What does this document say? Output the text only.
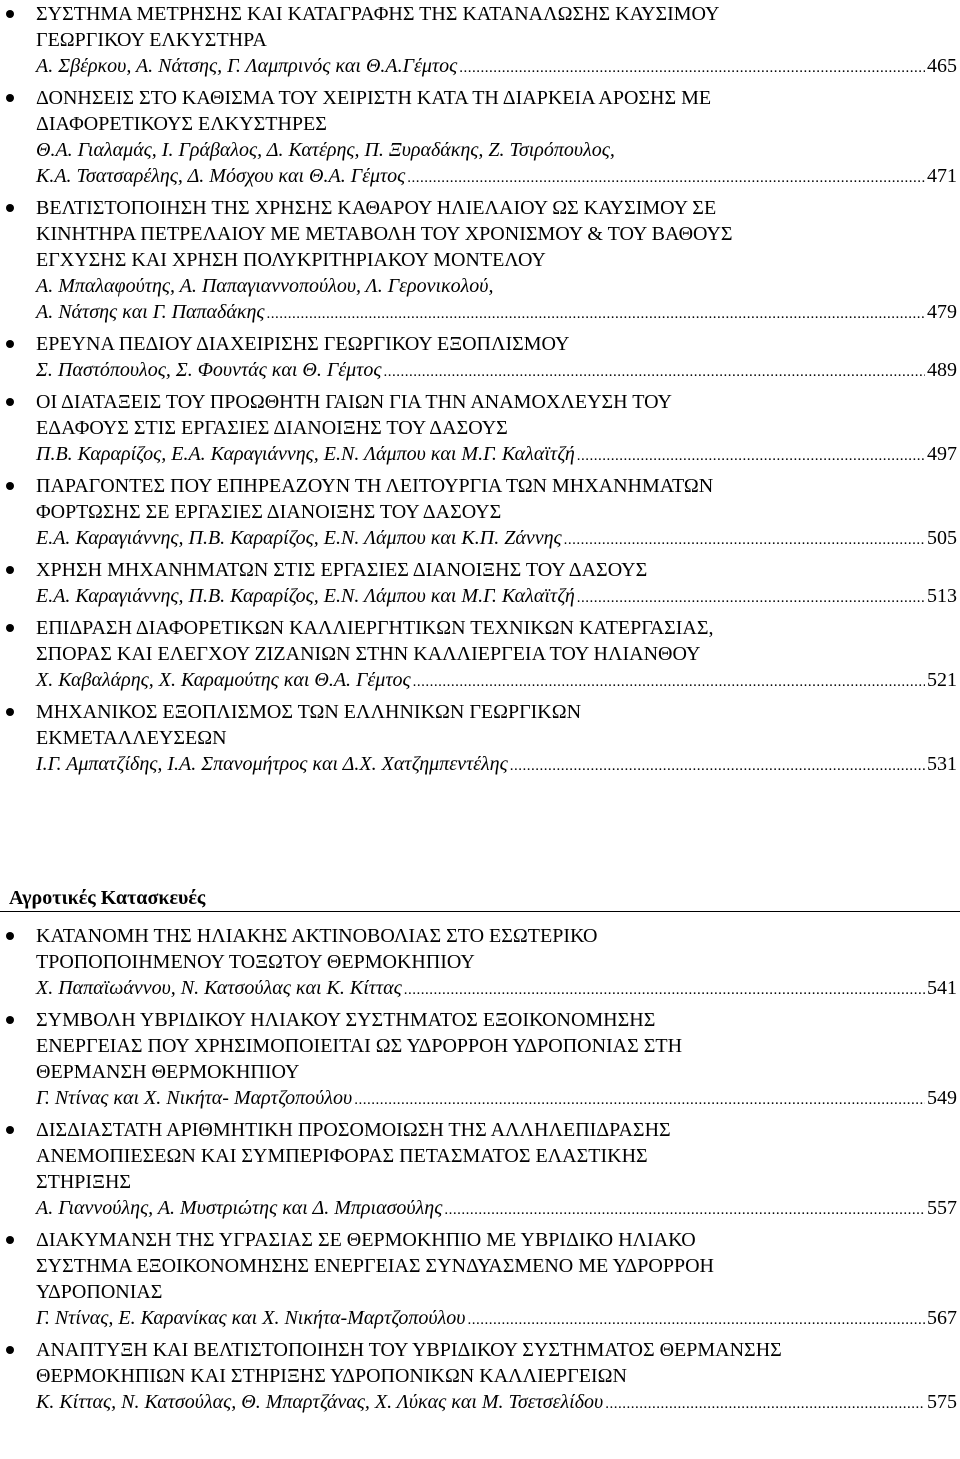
ΣΥΣΤΗΜΑ ΜΕΤΡΗΣΗΣ ΚΑΙ ΚΑΤΑΓΡΑΦΗΣ ΤΗΣ ΚΑΤΑΝΑΛΩΣΗΣ ΚΑΥΣΙΜΟΥ
ΓΕΩΡΓΙΚΟΥ ΕΛΚΥΣΤΗΡΑ
Α. Σβέρκου, Α. Νάτσης, Γ. Λαμπρινός και Θ.Α.Γέμτος .....	465
ΔΟΝΗΣΕΙΣ ΣΤΟ ΚΑΘΙΣΜΑ ΤΟΥ ΧΕΙΡΙΣΤΗ ΚΑΤΑ ΤΗ ΔΙΑΡΚΕΙΑ ΑΡΟΣΗΣ ΜΕ
ΔΙΑΦΟΡΕΤΙΚΟΥΣ ΕΛΚΥΣΤΗΡΕΣ
Θ.Α. Γιαλαμάς, Ι. Γράβαλος, Δ. Κατέρης, Π. Ξυραδάκης, Ζ. Τσιρόπουλος,
Κ.Α. Τσατσαρέλης, Δ. Μόσχου και Θ.Α. Γέμτος .....	471
ΒΕΛΤΙΣΤΟΠΟΙΗΣΗ ΤΗΣ ΧΡΗΣΗΣ ΚΑΘΑΡΟΥ ΗΛΙΕΛΑΙΟΥ ΩΣ ΚΑΥΣΙΜΟΥ ΣΕ
ΚΙΝΗΤΗΡΑ ΠΕΤΡΕΛΑΙΟΥ ΜΕ ΜΕΤΑΒΟΛΗ ΤΟΥ ΧΡΟΝΙΣΜΟΥ & ΤΟΥ ΒΑΘΟΥΣ
ΕΓΧΥΣΗΣ ΚΑΙ ΧΡΗΣΗ ΠΟΛΥΚΡΙΤΗΡΙΑΚΟΥ ΜΟΝΤΕΛΟΥ
Α. Μπαλαφούτης, Α. Παπαγιαννοπούλου, Λ. Γερονικολού,
Α. Νάτσης και Γ. Παπαδάκης .....	479
ΕΡΕΥΝΑ ΠΕΔΙΟΥ ΔΙΑΧΕΙΡΙΣΗΣ ΓΕΩΡΓΙΚΟΥ ΕΞΟΠΛΙΣΜΟΥ
Σ. Παστόπουλος, Σ. Φουντάς και Θ. Γέμτος .....	489
ΟΙ ΔΙΑΤΑΞΕΙΣ ΤΟΥ ΠΡΟΩΘΗΤΗ ΓΑΙΩΝ ΓΙΑ ΤΗΝ ΑΝΑΜΟΧΛΕΥΣΗ ΤΟΥ
ΕΔΑΦΟΥΣ ΣΤΙΣ ΕΡΓΑΣΙΕΣ ΔΙΑΝΟΙΞΗΣ ΤΟΥ ΔΑΣΟΥΣ
Π.Β. Καραρίζος, Ε.Α. Καραγιάννης, Ε.Ν. Λάμπου και Μ.Γ. Καλαϊτζή .....	497
ΠΑΡΑΓΟΝΤΕΣ ΠΟΥ ΕΠΗΡΕΑΖΟΥΝ ΤΗ ΛΕΙΤΟΥΡΓΙΑ ΤΩΝ ΜΗΧΑΝΗΜΑΤΩΝ
ΦΟΡΤΩΣΗΣ ΣΕ ΕΡΓΑΣΙΕΣ ΔΙΑΝΟΙΞΗΣ ΤΟΥ ΔΑΣΟΥΣ
Ε.Α. Καραγιάννης, Π.Β. Καραρίζος, Ε.Ν. Λάμπου και Κ.Π. Ζάννης .....	505
ΧΡΗΣΗ ΜΗΧΑΝΗΜΑΤΩΝ ΣΤΙΣ ΕΡΓΑΣΙΕΣ ΔΙΑΝΟΙΞΗΣ ΤΟΥ ΔΑΣΟΥΣ
Ε.Α. Καραγιάννης, Π.Β. Καραρίζος, Ε.Ν. Λάμπου και Μ.Γ. Καλαϊτζή .....	513
ΕΠΙΔΡΑΣΗ ΔΙΑΦΟΡΕΤΙΚΩΝ ΚΑΛΛΙΕΡΓΗΤΙΚΩΝ ΤΕΧΝΙΚΩΝ ΚΑΤΕΡΓΑΣΙΑΣ,
ΣΠΟΡΑΣ ΚΑΙ ΕΛΕΓΧΟΥ ΖΙΖΑΝΙΩΝ ΣΤΗΝ ΚΑΛΛΙΕΡΓΕΙΑ ΤΟΥ ΗΛΙΑΝΘΟΥ
Χ. Καβαλάρης, Χ. Καραμούτης και Θ.Α. Γέμτος .....	521
ΜΗΧΑΝΙΚΟΣ ΕΞΟΠΛΙΣΜΟΣ ΤΩΝ ΕΛΛΗΝΙΚΩΝ ΓΕΩΡΓΙΚΩΝ
ΕΚΜΕΤΑΛΛΕΥΣΕΩΝ
Ι.Γ. Αμπατζίδης, Ι.Α. Σπανομήτρος και Δ.Χ. Χατζημπεντέλης .....	531
Αγροτικές Κατασκευές
ΚΑΤΑΝΟΜΗ ΤΗΣ ΗΛΙΑΚΗΣ ΑΚΤΙΝΟΒΟΛΙΑΣ ΣΤΟ ΕΣΩΤΕΡΙΚΟ
ΤΡΟΠΟΠΟΙΗΜΕΝΟΥ ΤΟΞΩΤΟΥ ΘΕΡΜΟΚΗΠΙΟΥ
Χ. Παπαϊωάννου, Ν. Κατσούλας και Κ. Κίττας .....	541
ΣΥΜΒΟΛΗ ΥΒΡΙΔΙΚΟΥ ΗΛΙΑΚΟΥ ΣΥΣΤΗΜΑΤΟΣ ΕΞΟΙΚΟΝΟΜΗΣΗΣ
ΕΝΕΡΓΕΙΑΣ ΠΟΥ ΧΡΗΣΙΜΟΠΟΙΕΙΤΑΙ ΩΣ ΥΔΡΟΡΡΟΗ ΥΔΡΟΠΟΝΙΑΣ ΣΤΗ
ΘΕΡΜΑΝΣΗ ΘΕΡΜΟΚΗΠΙΟΥ
Γ. Ντίνας και Χ. Νικήτα- Μαρτζοπούλου .....	549
ΔΙΣΔΙΑΣΤΑΤΗ ΑΡΙΘΜΗΤΙΚΗ ΠΡΟΣΟΜΟΙΩΣΗ ΤΗΣ ΑΛΛΗΛΕΠΙΔΡΑΣΗΣ
ΑΝΕΜΟΠΙΕΣΕΩΝ ΚΑΙ ΣΥΜΠΕΡΙΦΟΡΑΣ ΠΕΤΑΣΜΑΤΟΣ ΕΛΑΣΤΙΚΗΣ
ΣΤΗΡΙΞΗΣ
Α. Γιαννούλης, Α. Μυστριώτης και Δ. Μπριασούλης .....	557
ΔΙΑΚΥΜΑΝΣΗ ΤΗΣ ΥΓΡΑΣΙΑΣ ΣΕ ΘΕΡΜΟΚΗΠΙΟ ΜΕ ΥΒΡΙΔΙΚΟ ΗΛΙΑΚΟ
ΣΥΣΤΗΜΑ ΕΞΟΙΚΟΝΟΜΗΣΗΣ ΕΝΕΡΓΕΙΑΣ ΣΥΝΔΥΑΣΜΕΝΟ ΜΕ ΥΔΡΟΡΡΟΗ
ΥΔΡΟΠΟΝΙΑΣ
Γ. Ντίνας, Ε. Καρανίκας και Χ. Νικήτα-Μαρτζοπούλου .....	567
ΑΝΑΠΤΥΞΗ ΚΑΙ ΒΕΛΤΙΣΤΟΠΟΙΗΣΗ ΤΟΥ ΥΒΡΙΔΙΚΟΥ ΣΥΣΤΗΜΑΤΟΣ ΘΕΡΜΑΝΣΗΣ
ΘΕΡΜΟΚΗΠΙΩΝ ΚΑΙ ΣΤΗΡΙΞΗΣ ΥΔΡΟΠΟΝΙΚΩΝ ΚΑΛΛΙΕΡΓΕΙΩΝ
Κ. Κίττας, Ν. Κατσούλας, Θ. Μπαρτζάνας, Χ. Λύκας και Μ. Τσετσελίδου .....	575
